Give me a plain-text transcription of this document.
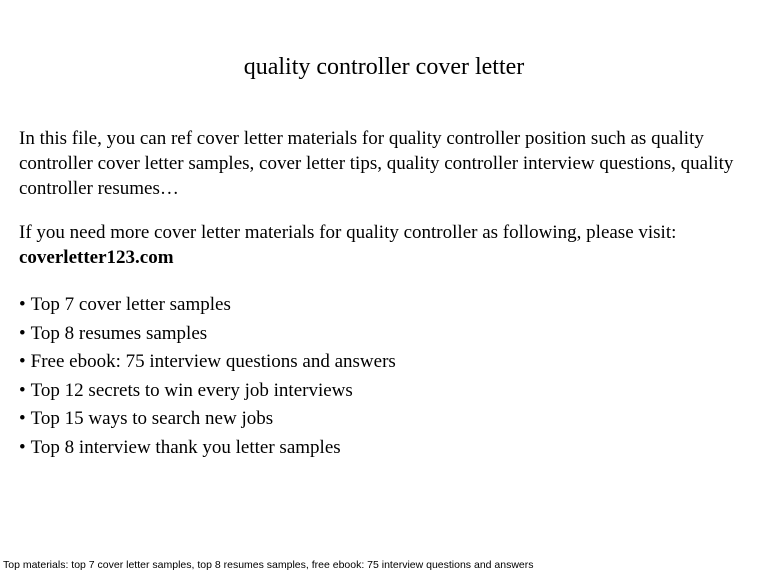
quality controller cover letter
In this file, you can ref cover letter materials for quality controller position such as quality controller cover letter samples, cover letter tips, quality controller interview questions, quality controller resumes…
If you need more cover letter materials for quality controller as following, please visit: coverletter123.com
• Top 7 cover letter samples
• Top 8 resumes samples
• Free ebook: 75 interview questions and answers
• Top 12 secrets to win every job interviews
• Top 15 ways to search new jobs
• Top 8 interview thank you letter samples
Top materials: top 7 cover letter samples, top 8 resumes samples, free ebook: 75 interview questions and answers
